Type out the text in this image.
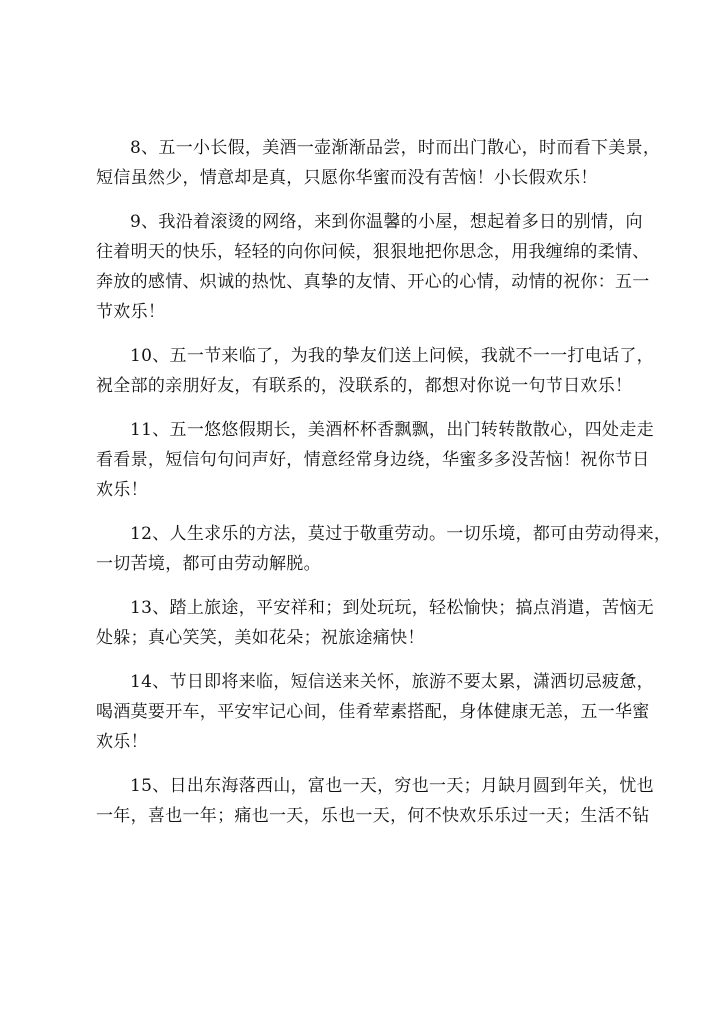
8、五一小长假，美酒一壶渐渐品尝，时而出门散心，时而看下美景，
短信虽然少，情意却是真，只愿你华蜜而没有苦恼！小长假欢乐！
9、我沿着滚烫的网络，来到你温馨的小屋，想起着多日的别情，向
往着明天的快乐，轻轻的向你问候，狠狠地把你思念，用我缠绵的柔情、
奔放的感情、炽诚的热忱、真挚的友情、开心的心情，动情的祝你：五一
节欢乐！
10、五一节来临了，为我的挚友们送上问候，我就不一一打电话了，
祝全部的亲朋好友，有联系的，没联系的，都想对你说一句节日欢乐！
11、五一悠悠假期长，美酒杯杯香飘飘，出门转转散散心，四处走走
看看景，短信句句问声好，情意经常身边绕，华蜜多多没苦恼！祝你节日
欢乐！
12、人生求乐的方法，莫过于敬重劳动。一切乐境，都可由劳动得来，
一切苦境，都可由劳动解脱。
13、踏上旅途，平安祥和；到处玩玩，轻松愉快；搞点消遣，苦恼无
处躲；真心笑笑，美如花朵；祝旅途痛快！
14、节日即将来临，短信送来关怀，旅游不要太累，潇洒切忌疲惫，
喝酒莫要开车，平安牢记心间，佳肴荤素搭配，身体健康无恙，五一华蜜
欢乐！
15、日出东海落西山，富也一天，穷也一天；月缺月圆到年关，忧也
一年，喜也一年；痛也一天，乐也一天，何不快欢乐乐过一天；生活不钻
